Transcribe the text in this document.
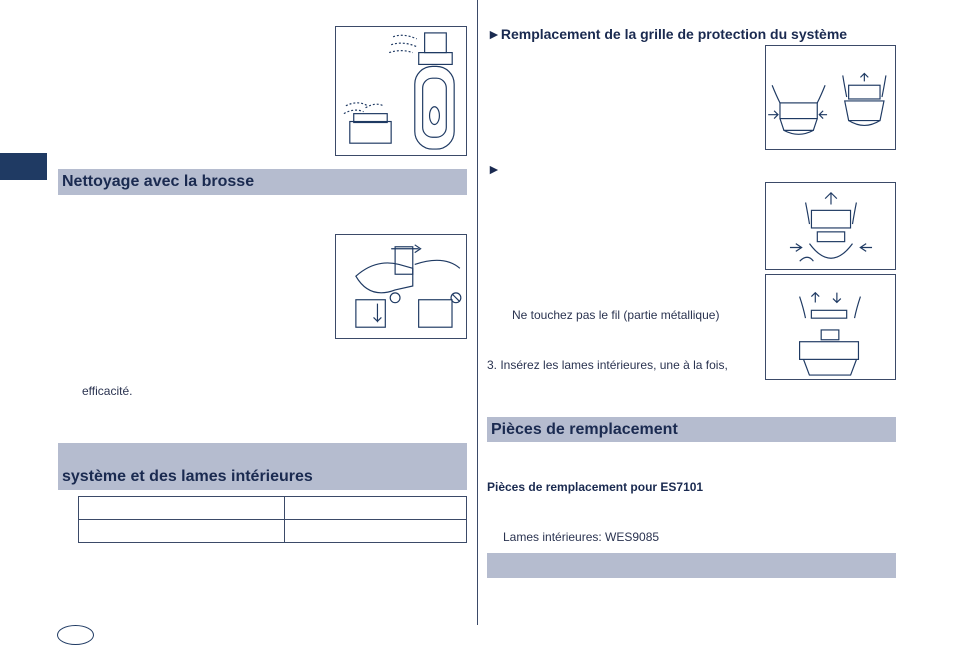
Nettoyage avec la brosse
efficacité.
système et des lames intérieures

►Remplacement de la grille de protection du système
►
Ne touchez pas le fil (partie métallique)
3. Insérez les lames intérieures, une à la fois,
Pièces de remplacement
Pièces de remplacement pour ES7101
Lames intérieures: WES9085
